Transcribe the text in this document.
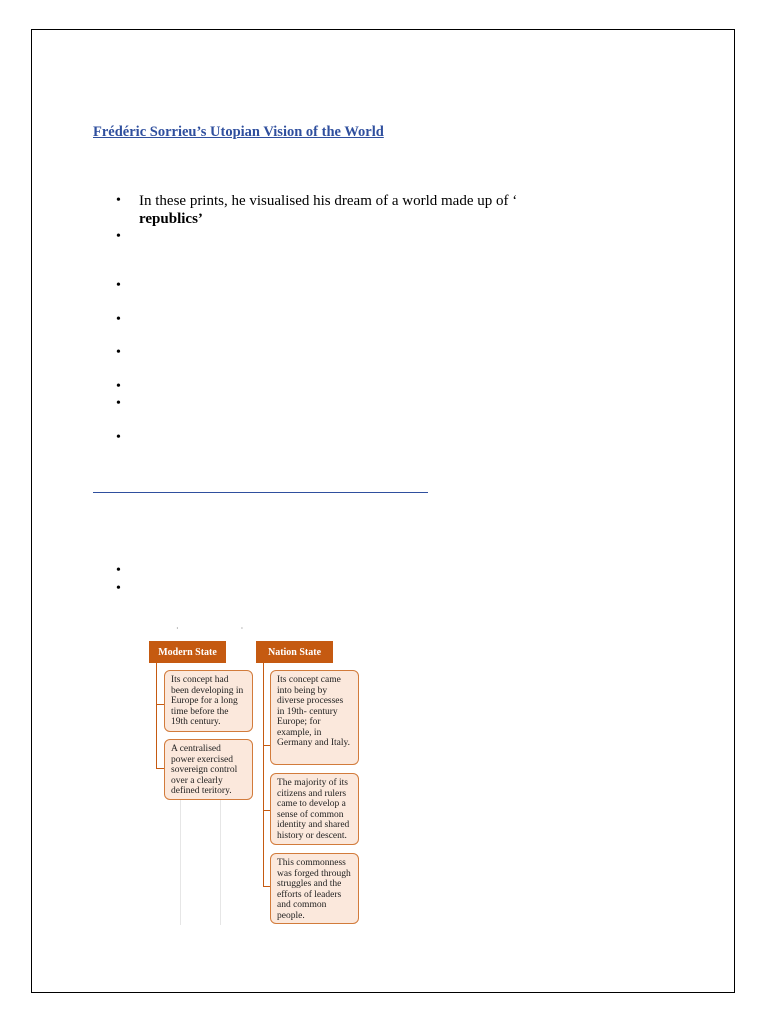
Frédéric Sorrieu’s Utopian Vision of the World
• In these prints, he visualised his dream of a world made up of ‘
republics’
· ·
Modern State
Its concept had been developing in Europe for a long time before the 19th century.
A centralised power exercised sovereign control over a clearly defined teritory.
Nation State
Its concept came into being by diverse processes in 19th- century Europe; for example, in Germany and Italy.
The majority of its citizens and rulers came to develop a sense of common identity and shared history or descent.
This commonness was forged through struggles and the efforts of leaders and common people.
